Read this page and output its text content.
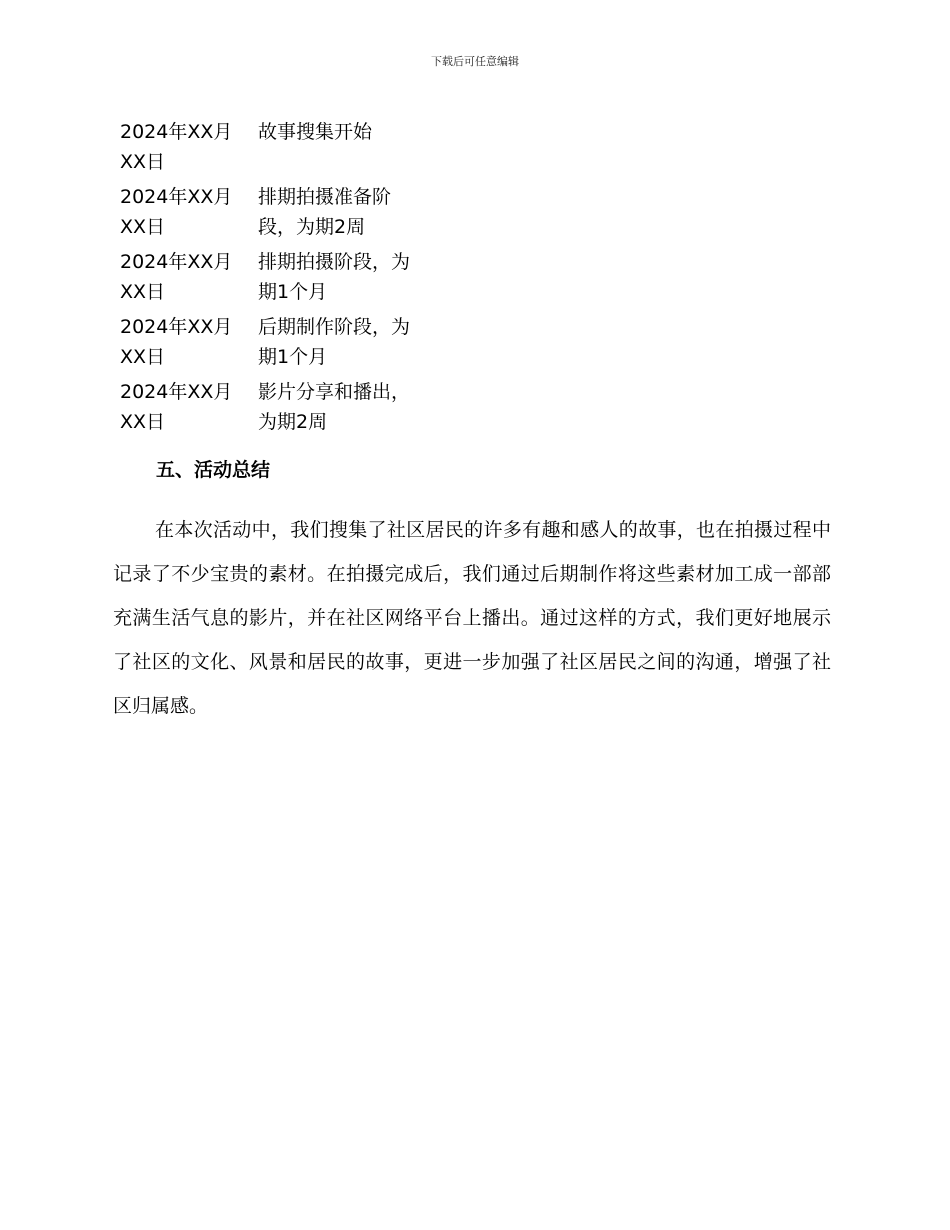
下载后可任意编辑
2024年XX月XX日
故事搜集开始
2024年XX月XX日
排期拍摄准备阶段，为期2周
2024年XX月XX日
排期拍摄阶段，为期1个月
2024年XX月XX日
后期制作阶段，为期1个月
2024年XX月XX日
影片分享和播出，为期2周
五、活动总结

在本次活动中，我们搜集了社区居民的许多有趣和感人的故事，也在拍摄过程中记录了不少宝贵的素材。在拍摄完成后，我们通过后期制作将这些素材加工成一部部充满生活气息的影片，并在社区网络平台上播出。通过这样的方式，我们更好地展示了社区的文化、风景和居民的故事，更进一步加强了社区居民之间的沟通，增强了社区归属感。
